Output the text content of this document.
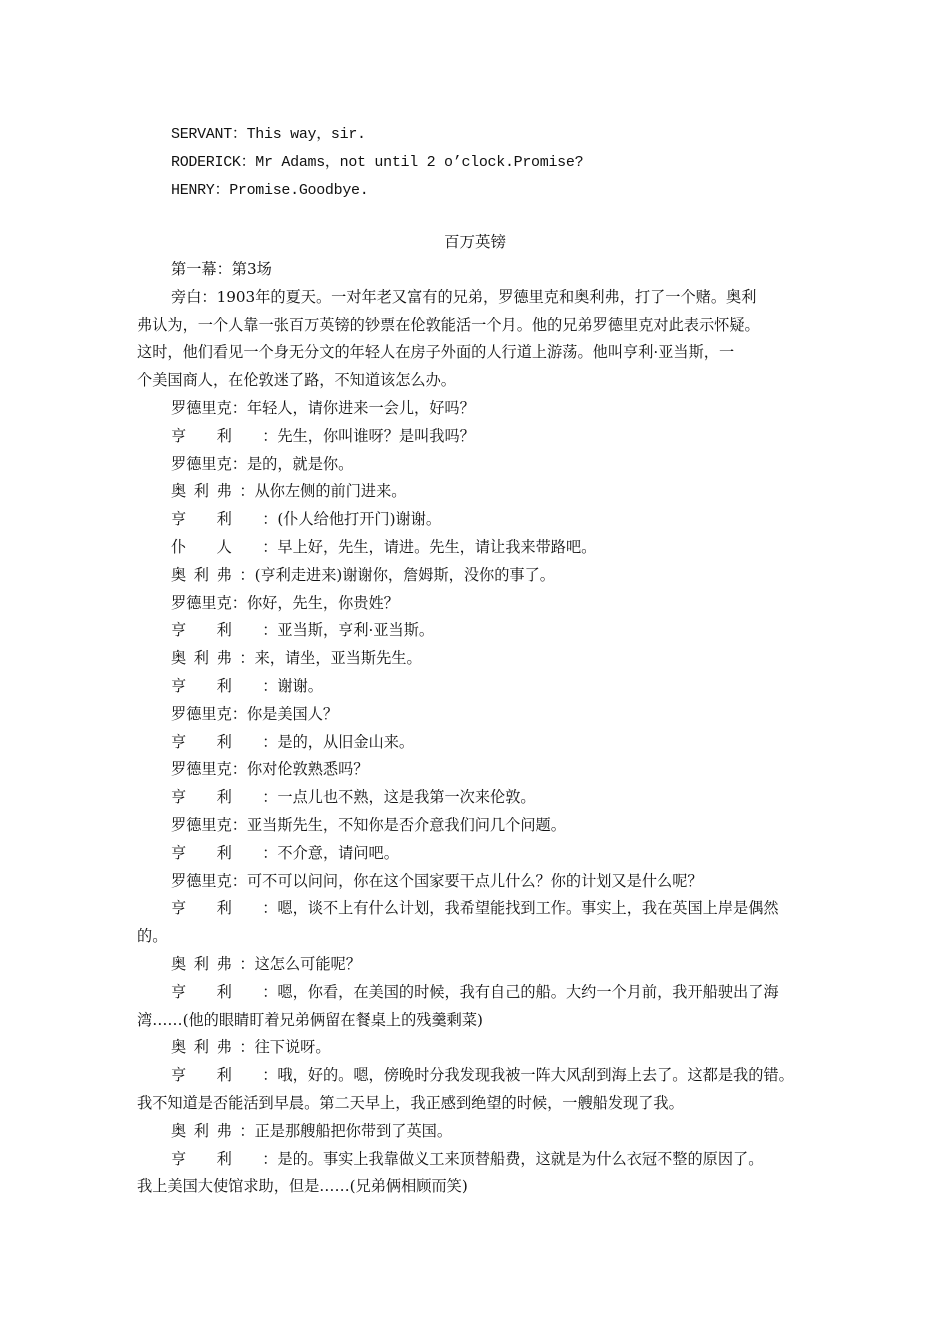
SERVANT：This way，sir.
RODERICK：Mr Adams，not until 2 o’clock.Promise?
HENRY：Promise.Goodbye.
百万英镑
第一幕：第3场
旁白：1903年的夏天。一对年老又富有的兄弟，罗德里克和奥利弗，打了一个赌。奥利
弗认为，一个人靠一张百万英镑的钞票在伦敦能活一个月。他的兄弟罗德里克对此表示怀疑。
这时，他们看见一个身无分文的年轻人在房子外面的人行道上游荡。他叫亨利·亚当斯，一
个美国商人，在伦敦迷了路，不知道该怎么办。
罗德里克：年轻人，请你进来一会儿，好吗？
亨利：先生，你叫谁呀？是叫我吗？
罗德里克：是的，就是你。
奥利弗：从你左侧的前门进来。
亨利：(仆人给他打开门)谢谢。
仆人：早上好，先生，请进。先生，请让我来带路吧。
奥利弗：(亨利走进来)谢谢你，詹姆斯，没你的事了。
罗德里克：你好，先生，你贵姓？
亨利：亚当斯，亨利·亚当斯。
奥利弗：来，请坐，亚当斯先生。
亨利：谢谢。
罗德里克：你是美国人？
亨利：是的，从旧金山来。
罗德里克：你对伦敦熟悉吗？
亨利：一点儿也不熟，这是我第一次来伦敦。
罗德里克：亚当斯先生，不知你是否介意我们问几个问题。
亨利：不介意，请问吧。
罗德里克：可不可以问问，你在这个国家要干点儿什么？你的计划又是什么呢？
亨利：嗯，谈不上有什么计划，我希望能找到工作。事实上，我在英国上岸是偶然
的。
奥利弗：这怎么可能呢？
亨利：嗯，你看，在美国的时候，我有自己的船。大约一个月前，我开船驶出了海
湾……(他的眼睛盯着兄弟俩留在餐桌上的残羹剩菜)
奥利弗：往下说呀。
亨利：哦，好的。嗯，傍晚时分我发现我被一阵大风刮到海上去了。这都是我的错。
我不知道是否能活到早晨。第二天早上，我正感到绝望的时候，一艘船发现了我。
奥利弗：正是那艘船把你带到了英国。
亨利：是的。事实上我靠做义工来顶替船费，这就是为什么衣冠不整的原因了。
我上美国大使馆求助，但是……(兄弟俩相顾而笑)
